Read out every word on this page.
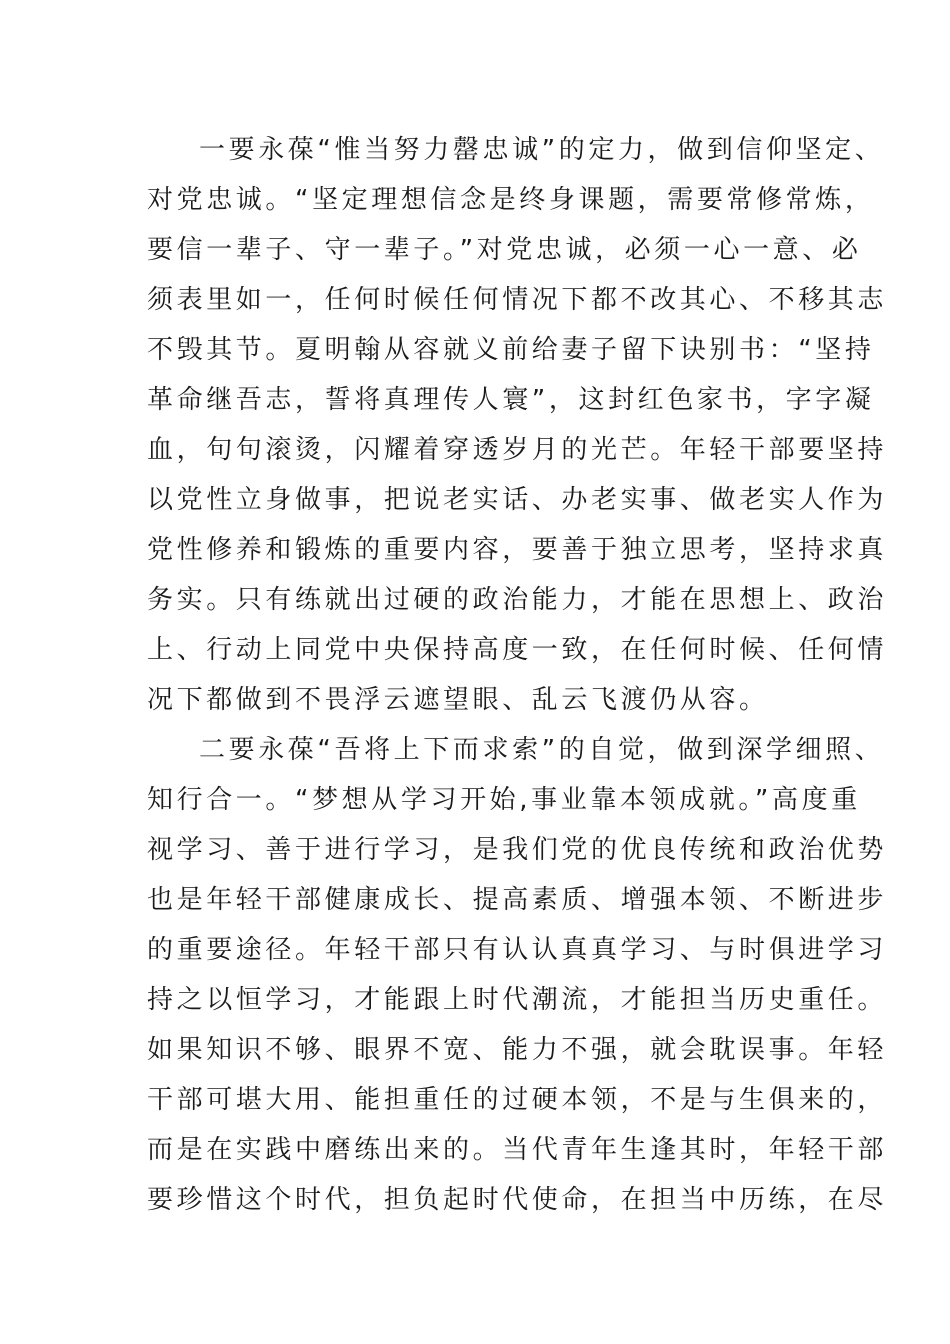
一要永葆“惟当努力罄忠诚”的定力，做到信仰坚定、
对党忠诚。“坚定理想信念是终身课题，需要常修常炼，
要信一辈子、守一辈子。”对党忠诚，必须一心一意、必
须表里如一，任何时候任何情况下都不改其心、不移其志
不毁其节。夏明翰从容就义前给妻子留下诀别书：“坚持
革命继吾志，誓将真理传人寰”，这封红色家书，字字凝
血，句句滚烫，闪耀着穿透岁月的光芒。年轻干部要坚持
以党性立身做事，把说老实话、办老实事、做老实人作为
党性修养和锻炼的重要内容，要善于独立思考，坚持求真
务实。只有练就出过硬的政治能力，才能在思想上、政治
上、行动上同党中央保持高度一致，在任何时候、任何情
况下都做到不畏浮云遮望眼、乱云飞渡仍从容。
二要永葆“吾将上下而求索”的自觉，做到深学细照、
知行合一。“梦想从学习开始,事业靠本领成就。”高度重
视学习、善于进行学习，是我们党的优良传统和政治优势
也是年轻干部健康成长、提高素质、增强本领、不断进步
的重要途径。年轻干部只有认认真真学习、与时俱进学习
持之以恒学习，才能跟上时代潮流，才能担当历史重任。
如果知识不够、眼界不宽、能力不强，就会耽误事。年轻
干部可堪大用、能担重任的过硬本领，不是与生俱来的，
而是在实践中磨练出来的。当代青年生逢其时，年轻干部
要珍惜这个时代，担负起时代使命，在担当中历练，在尽
